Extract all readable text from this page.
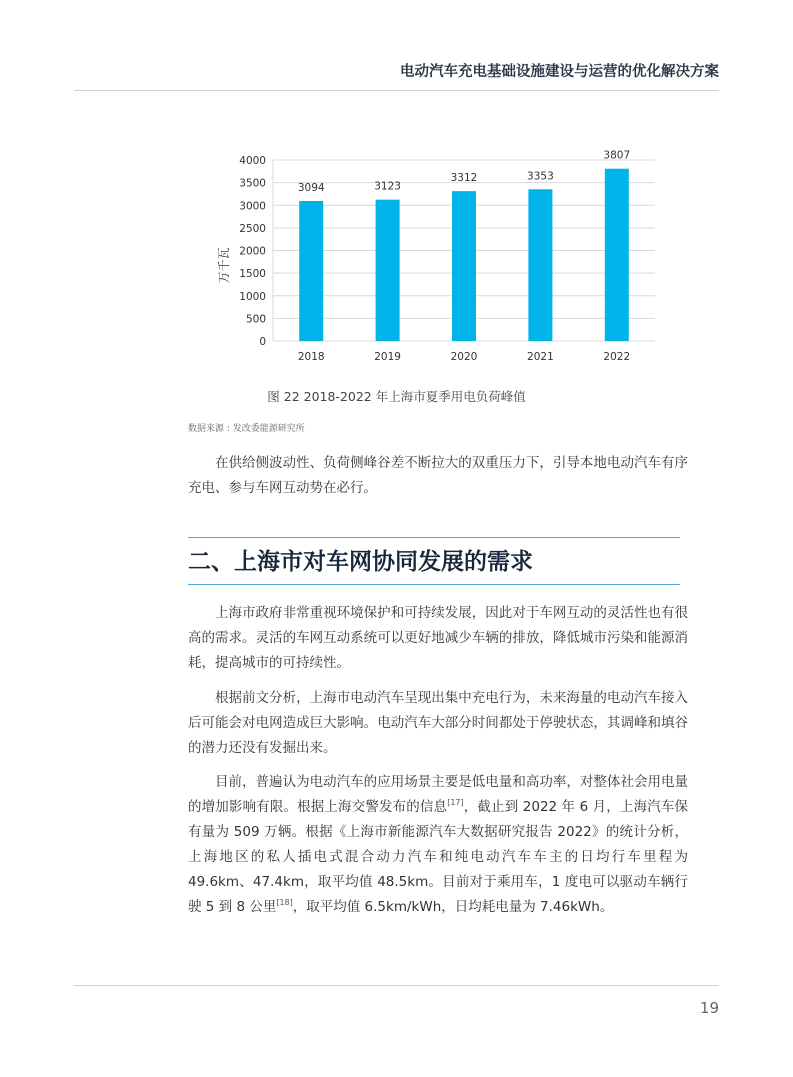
电动汽车充电基础设施建设与运营的优化解决方案
0
500
1000
1500
2000
2500
3000
3500
4000
3094	3123
3312	3353
3807
2018	2019	2020	2021	2022
万千瓦
图 22 2018-2022 年上海市夏季用电负荷峰值
数据来源 : 发改委能源研究所

在供给侧波动性、负荷侧峰谷差不断拉大的双重压力下，引导本地电动汽车有序充电、参与车网互动势在必行。

二、上海市对车网协同发展的需求

上海市政府非常重视环境保护和可持续发展，因此对于车网互动的灵活性也有很高的需求。灵活的车网互动系统可以更好地减少车辆的排放，降低城市污染和能源消耗，提高城市的可持续性。

根据前文分析，上海市电动汽车呈现出集中充电行为，未来海量的电动汽车接入后可能会对电网造成巨大影响。电动汽车大部分时间都处于停驶状态，其调峰和填谷的潜力还没有发掘出来。

目前，普遍认为电动汽车的应用场景主要是低电量和高功率，对整体社会用电量的增加影响有限。根据上海交警发布的信息[17]，截止到 2022 年 6 月，上海汽车保有量为 509 万辆。根据《上海市新能源汽车大数据研究报告 2022》的统计分析，上海地区的私人插电式混合动力汽车和纯电动汽车车主的日均行车里程为 49.6km、47.4km，取平均值 48.5km。目前对于乘用车，1 度电可以驱动车辆行驶 5 到 8 公里[18]，取平均值 6.5km/kWh，日均耗电量为 7.46kWh。

19
